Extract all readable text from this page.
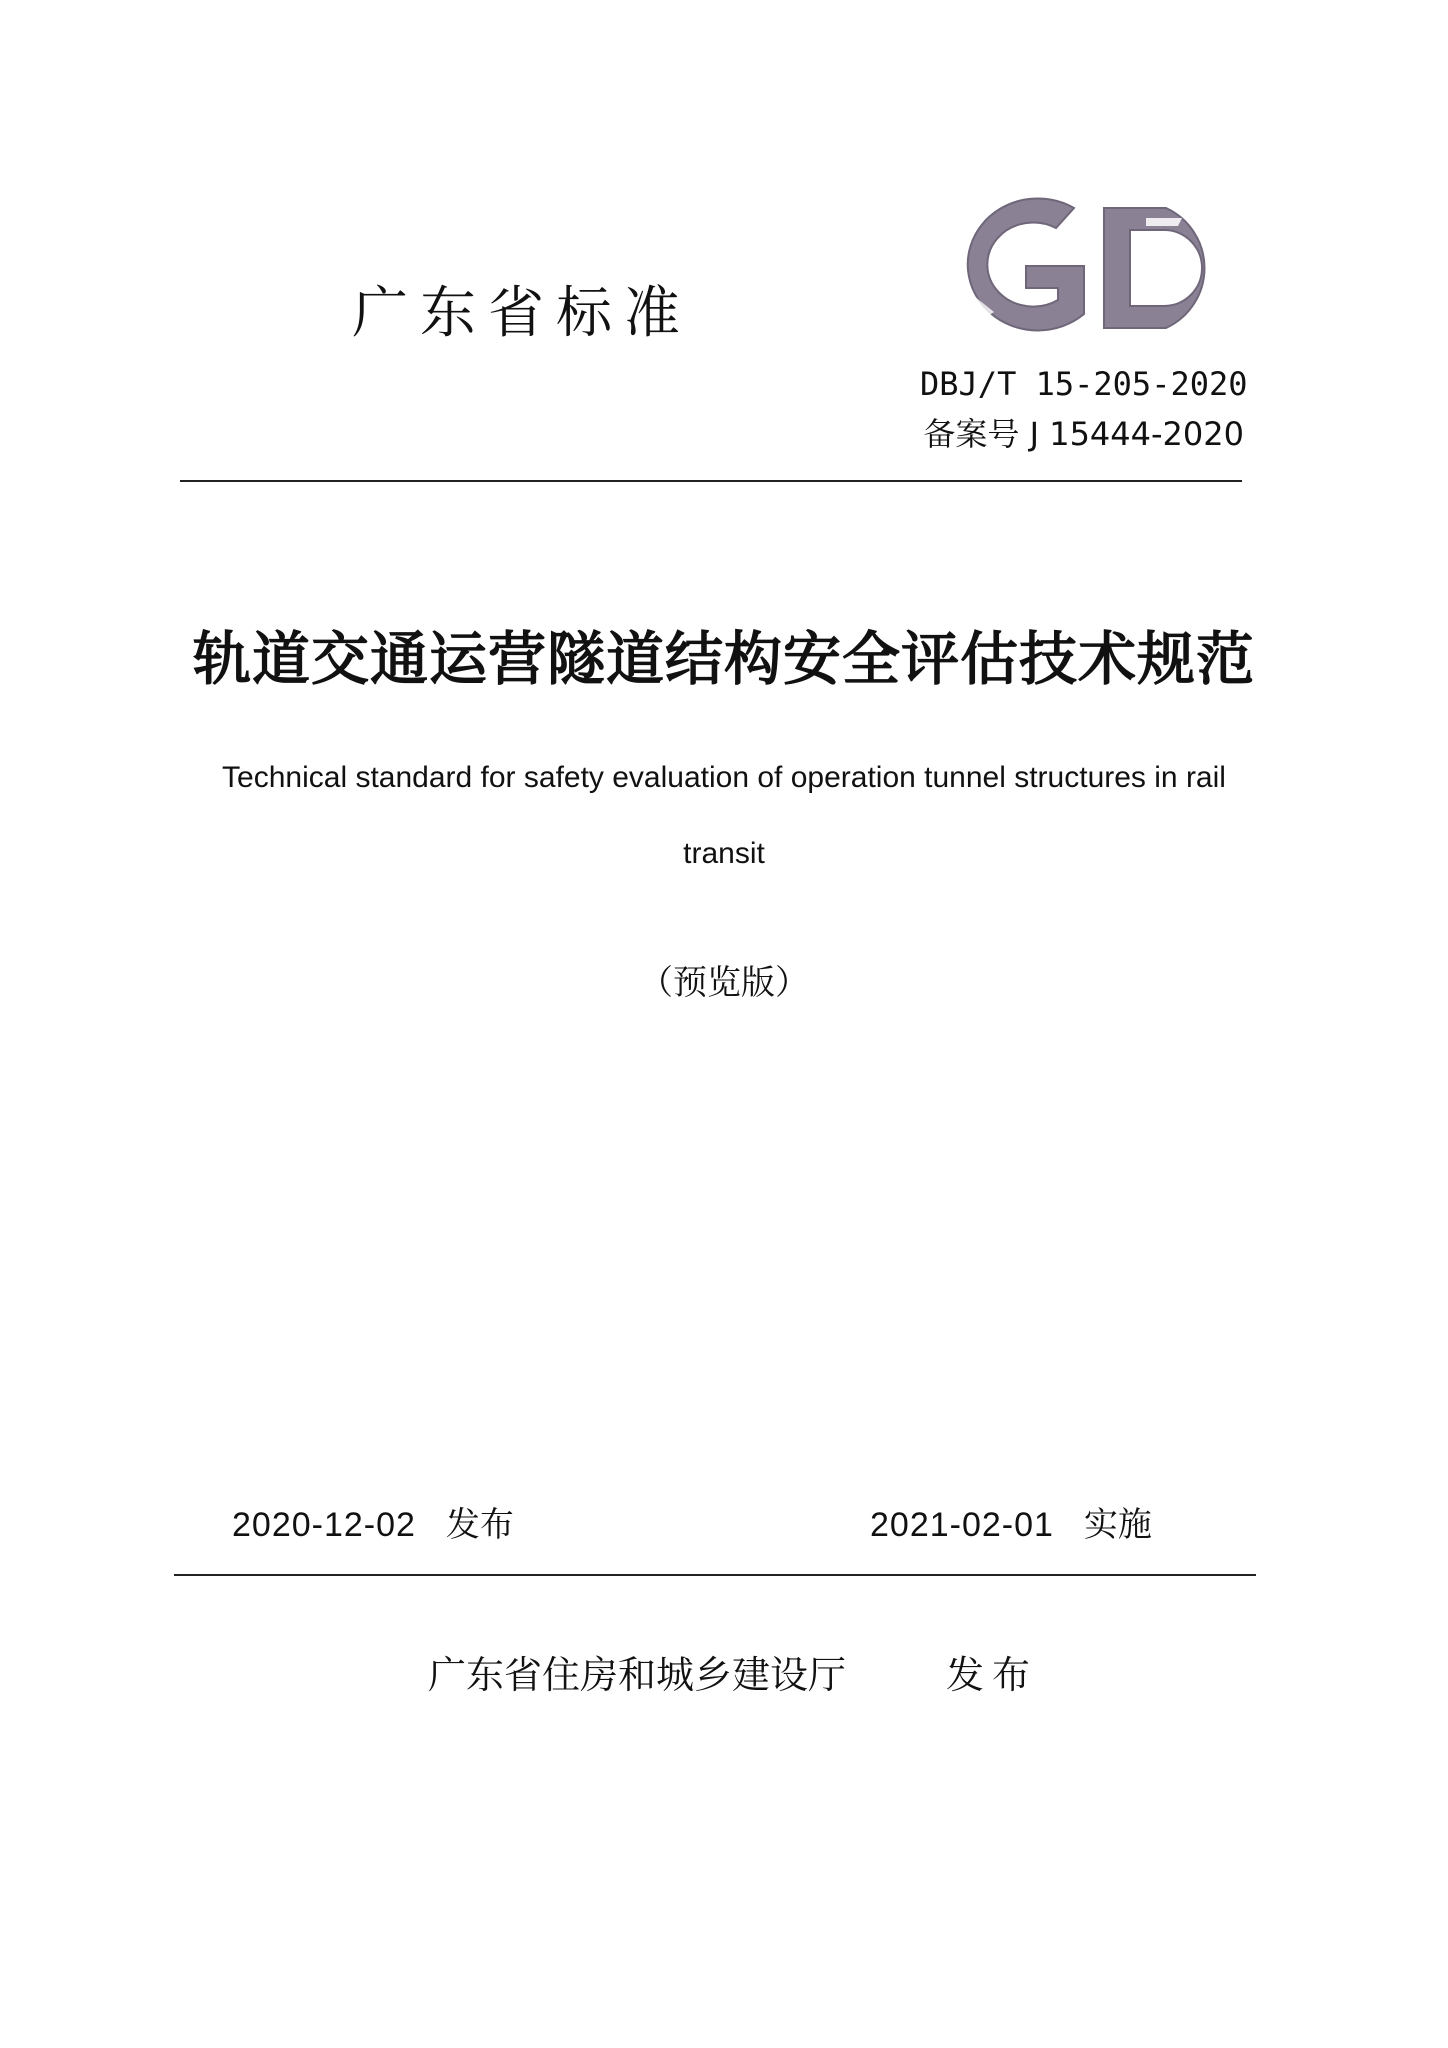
广东省标准
DBJ/T 15-205-2020
备案号 J 15444-2020
轨道交通运营隧道结构安全评估技术规范
Technical standard for safety evaluation of operation tunnel structures in rail transit
（预览版）
2020-12-02 发布	2021-02-01 实施
广东省住房和城乡建设厅	发布
